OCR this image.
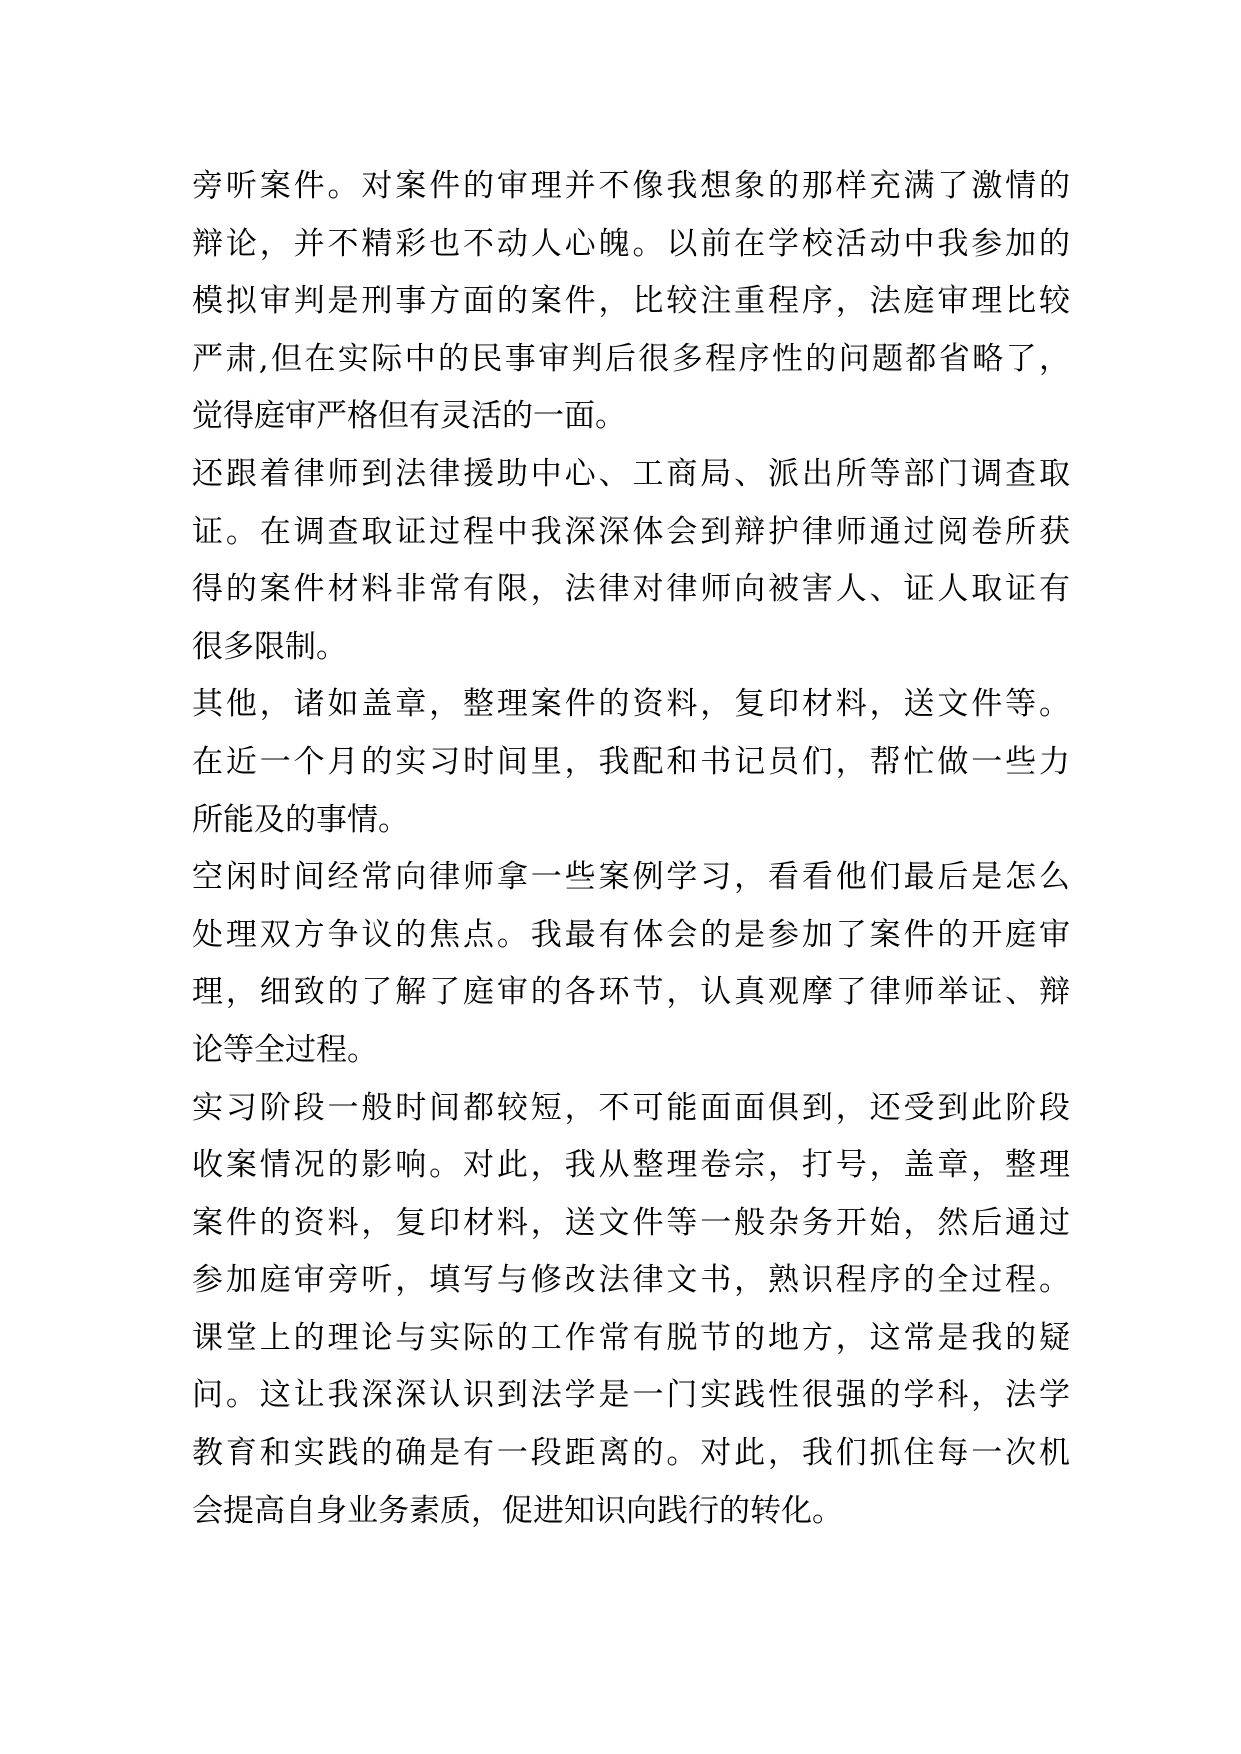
旁听案件。对案件的审理并不像我想象的那样充满了激情的
辩论，并不精彩也不动人心魄。以前在学校活动中我参加的
模拟审判是刑事方面的案件，比较注重程序，法庭审理比较
严肃,但在实际中的民事审判后很多程序性的问题都省略了，
觉得庭审严格但有灵活的一面。
还跟着律师到法律援助中心、工商局、派出所等部门调查取
证。在调查取证过程中我深深体会到辩护律师通过阅卷所获
得的案件材料非常有限，法律对律师向被害人、证人取证有
很多限制。
其他，诸如盖章，整理案件的资料，复印材料，送文件等。
在近一个月的实习时间里，我配和书记员们，帮忙做一些力
所能及的事情。
空闲时间经常向律师拿一些案例学习，看看他们最后是怎么
处理双方争议的焦点。我最有体会的是参加了案件的开庭审
理，细致的了解了庭审的各环节，认真观摩了律师举证、辩
论等全过程。
实习阶段一般时间都较短，不可能面面俱到，还受到此阶段
收案情况的影响。对此，我从整理卷宗，打号，盖章，整理
案件的资料，复印材料，送文件等一般杂务开始，然后通过
参加庭审旁听，填写与修改法律文书，熟识程序的全过程。
课堂上的理论与实际的工作常有脱节的地方，这常是我的疑
问。这让我深深认识到法学是一门实践性很强的学科，法学
教育和实践的确是有一段距离的。对此，我们抓住每一次机
会提高自身业务素质，促进知识向践行的转化。
